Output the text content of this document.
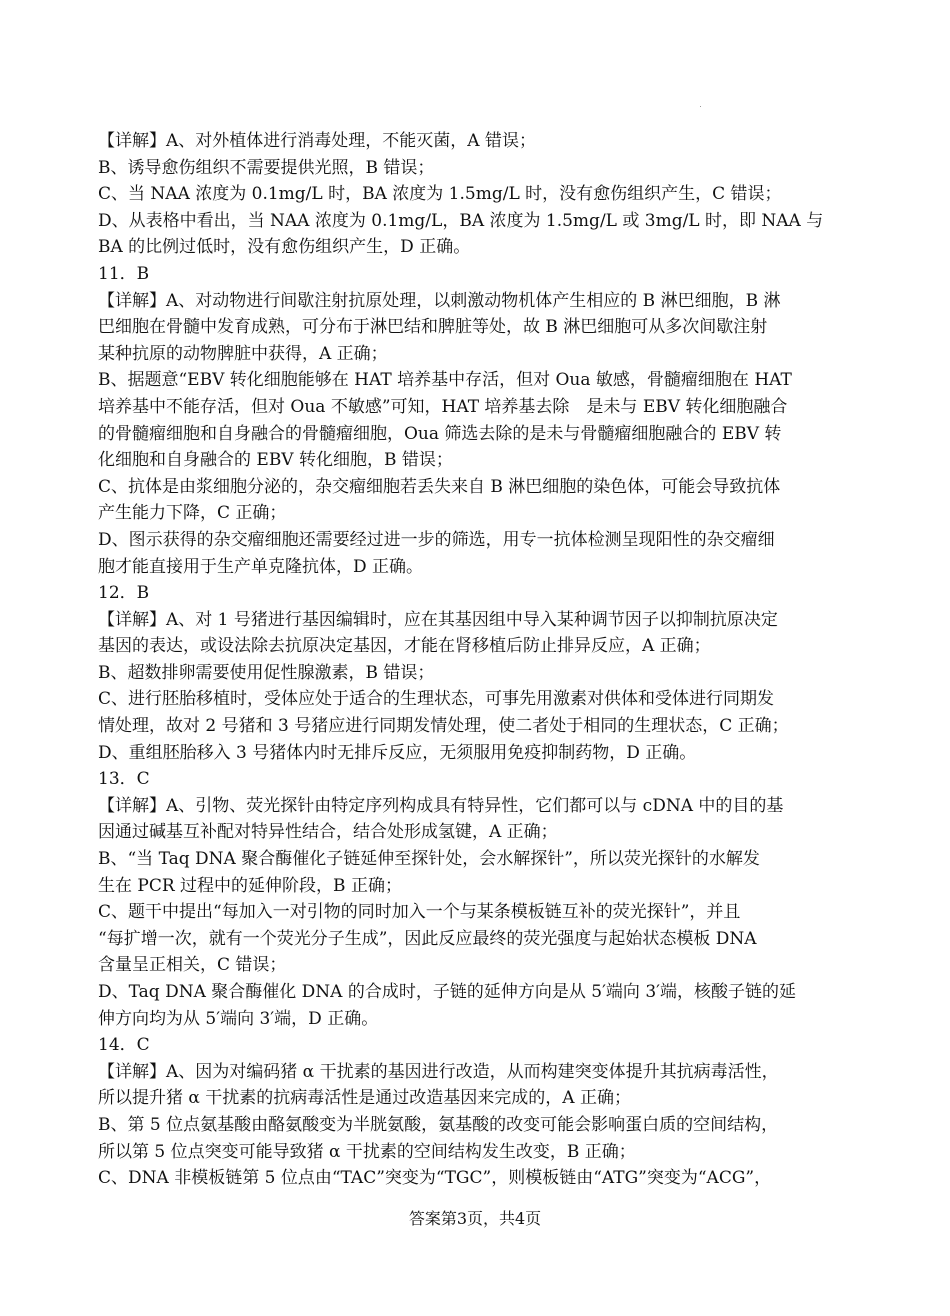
【详解】A、对外植体进行消毒处理，不能灭菌，A 错误；
B、诱导愈伤组织不需要提供光照，B 错误；
C、当 NAA 浓度为 0.1mg/L 时，BA 浓度为 1.5mg/L 时，没有愈伤组织产生，C 错误；
D、从表格中看出，当 NAA 浓度为 0.1mg/L，BA 浓度为 1.5mg/L 或 3mg/L 时，即 NAA 与
BA 的比例过低时，没有愈伤组织产生，D 正确。
11．B
【详解】A、对动物进行间歇注射抗原处理，以刺激动物机体产生相应的 B 淋巴细胞，B 淋
巴细胞在骨髓中发育成熟，可分布于淋巴结和脾脏等处，故 B 淋巴细胞可从多次间歇注射
某种抗原的动物脾脏中获得，A 正确；
B、据题意“EBV 转化细胞能够在 HAT 培养基中存活，但对 Oua 敏感，骨髓瘤细胞在 HAT
培养基中不能存活，但对 Oua 不敏感”可知，HAT 培养基去除　是未与 EBV 转化细胞融合
的骨髓瘤细胞和自身融合的骨髓瘤细胞，Oua 筛选去除的是未与骨髓瘤细胞融合的 EBV 转
化细胞和自身融合的 EBV 转化细胞，B 错误；
C、抗体是由浆细胞分泌的，杂交瘤细胞若丢失来自 B 淋巴细胞的染色体，可能会导致抗体
产生能力下降，C 正确；
D、图示获得的杂交瘤细胞还需要经过进一步的筛选，用专一抗体检测呈现阳性的杂交瘤细
胞才能直接用于生产单克隆抗体，D 正确。
12．B
【详解】A、对 1 号猪进行基因编辑时，应在其基因组中导入某种调节因子以抑制抗原决定
基因的表达，或设法除去抗原决定基因，才能在肾移植后防止排异反应，A 正确；
B、超数排卵需要使用促性腺激素，B 错误；
C、进行胚胎移植时，受体应处于适合的生理状态，可事先用激素对供体和受体进行同期发
情处理，故对 2 号猪和 3 号猪应进行同期发情处理，使二者处于相同的生理状态，C 正确；
D、重组胚胎移入 3 号猪体内时无排斥反应，无须服用免疫抑制药物，D 正确。
13．C
【详解】A、引物、荧光探针由特定序列构成具有特异性，它们都可以与 cDNA 中的目的基
因通过碱基互补配对特异性结合，结合处形成氢键，A 正确；
B、“当 Taq DNA 聚合酶催化子链延伸至探针处，会水解探针”，所以荧光探针的水解发
生在 PCR 过程中的延伸阶段，B 正确；
C、题干中提出“每加入一对引物的同时加入一个与某条模板链互补的荧光探针”，并且
“每扩增一次，就有一个荧光分子生成”，因此反应最终的荧光强度与起始状态模板 DNA
含量呈正相关，C 错误；
D、Taq DNA 聚合酶催化 DNA 的合成时，子链的延伸方向是从 5′端向 3′端，核酸子链的延
伸方向均为从 5′端向 3′端，D 正确。
14．C
【详解】A、因为对编码猪 α 干扰素的基因进行改造，从而构建突变体提升其抗病毒活性，
所以提升猪 α 干扰素的抗病毒活性是通过改造基因来完成的，A 正确；
B、第 5 位点氨基酸由酪氨酸变为半胱氨酸，氨基酸的改变可能会影响蛋白质的空间结构，
所以第 5 位点突变可能导致猪 α 干扰素的空间结构发生改变，B 正确；
C、DNA 非模板链第 5 位点由“TAC”突变为“TGC”，则模板链由“ATG”突变为“ACG”，
答案第3页，共4页
